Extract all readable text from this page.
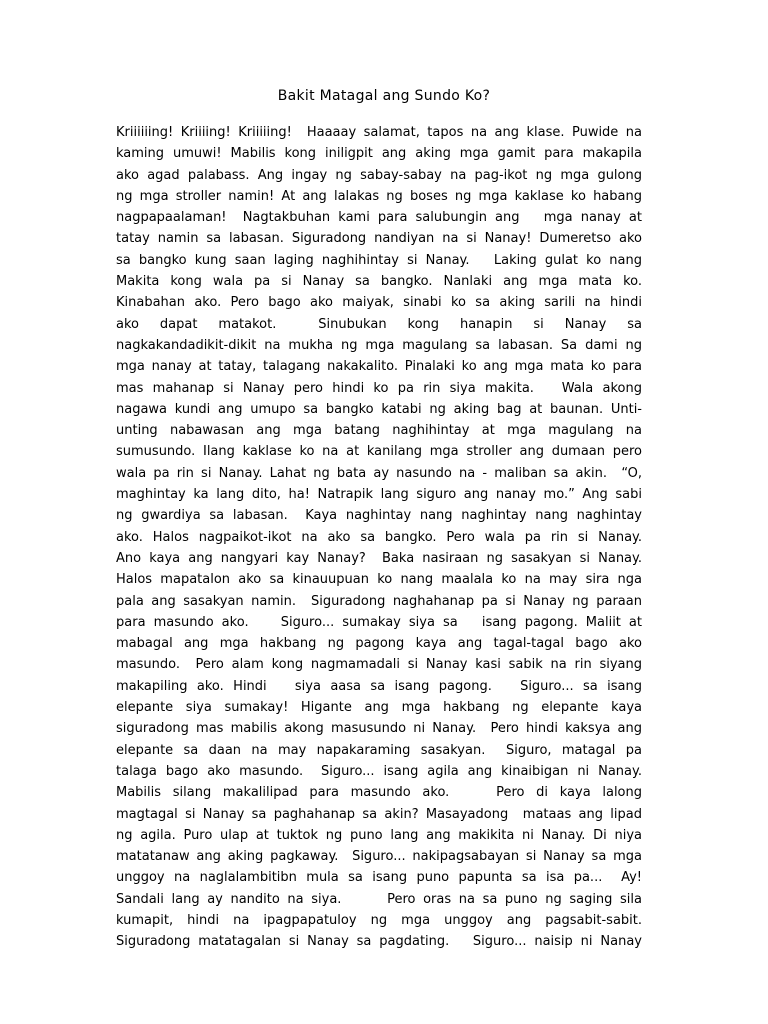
Bakit Matagal ang Sundo Ko?
Kriiiiiing! Kriiiing! Kriiiiing!  Haaaay salamat, tapos na ang klase. Puwide na
kaming umuwi! Mabilis kong iniligpit ang aking mga gamit para makapila
ako agad palabass. Ang ingay ng sabay-sabay na pag-ikot ng mga gulong
ng mga stroller namin! At ang lalakas ng boses ng mga kaklase ko habang
nagpapaalaman!  Nagtakbuhan kami para salubungin ang   mga nanay at
tatay namin sa labasan. Siguradong nandiyan na si Nanay! Dumeretso ako
sa bangko kung saan laging naghihintay si Nanay.   Laking gulat ko nang
Makita kong wala pa si Nanay sa bangko. Nanlaki ang mga mata ko.
Kinabahan ako. Pero bago ako maiyak, sinabi ko sa aking sarili na hindi
ako     dapat     matakot.          Sinubukan     kong     hanapin     si     Nanay     sa
nagkakandadikit-dikit na mukha ng mga magulang sa labasan. Sa dami ng
mga nanay at tatay, talagang nakakalito. Pinalaki ko ang mga mata ko para
mas mahanap si Nanay pero hindi ko pa rin siya makita.   Wala akong
nagawa kundi ang umupo sa bangko katabi ng aking bag at baunan. Unti-
unting nabawasan ang mga batang naghihintay at mga magulang na
sumusundo. Ilang kaklase ko na at kanilang mga stroller ang dumaan pero
wala pa rin si Nanay. Lahat ng bata ay nasundo na - maliban sa akin.  “O,
maghintay ka lang dito, ha! Natrapik lang siguro ang nanay mo.” Ang sabi
ng gwardiya sa labasan.  Kaya naghintay nang naghintay nang naghintay
ako. Halos nagpaikot-ikot na ako sa bangko. Pero wala pa rin si Nanay.
Ano kaya ang nangyari kay Nanay?  Baka nasiraan ng sasakyan si Nanay.
Halos mapatalon ako sa kinauupuan ko nang maalala ko na may sira nga
pala ang sasakyan namin.  Siguradong naghahanap pa si Nanay ng paraan
para masundo ako.    Siguro... sumakay siya sa   isang pagong. Maliit at
mabagal ang mga hakbang ng pagong kaya ang tagal-tagal bago ako
masundo.  Pero alam kong nagmamadali si Nanay kasi sabik na rin siyang
makapiling ako. Hindi   siya aasa sa isang pagong.   Siguro... sa isang
elepante siya sumakay! Higante ang mga hakbang ng elepante kaya
siguradong mas mabilis akong masusundo ni Nanay.  Pero hindi kaksya ang
elepante sa daan na may napakaraming sasakyan.  Siguro, matagal pa
talaga bago ako masundo.  Siguro... isang agila ang kinaibigan ni Nanay.
Mabilis silang makalilipad para masundo ako.    Pero di kaya lalong
magtagal si Nanay sa paghahanap sa akin? Masayadong  mataas ang lipad
ng agila. Puro ulap at tuktok ng puno lang ang makikita ni Nanay. Di niya
matatanaw ang aking pagkaway.  Siguro... nakipagsabayan si Nanay sa mga
unggoy na naglalambitibn mula sa isang puno papunta sa isa pa...  Ay!
Sandali lang ay nandito na siya.      Pero oras na sa puno ng saging sila
kumapit, hindi na ipagpapatuloy ng mga unggoy ang pagsabit-sabit.
Siguradong matatagalan si Nanay sa pagdating.   Siguro... naisip ni Nanay
